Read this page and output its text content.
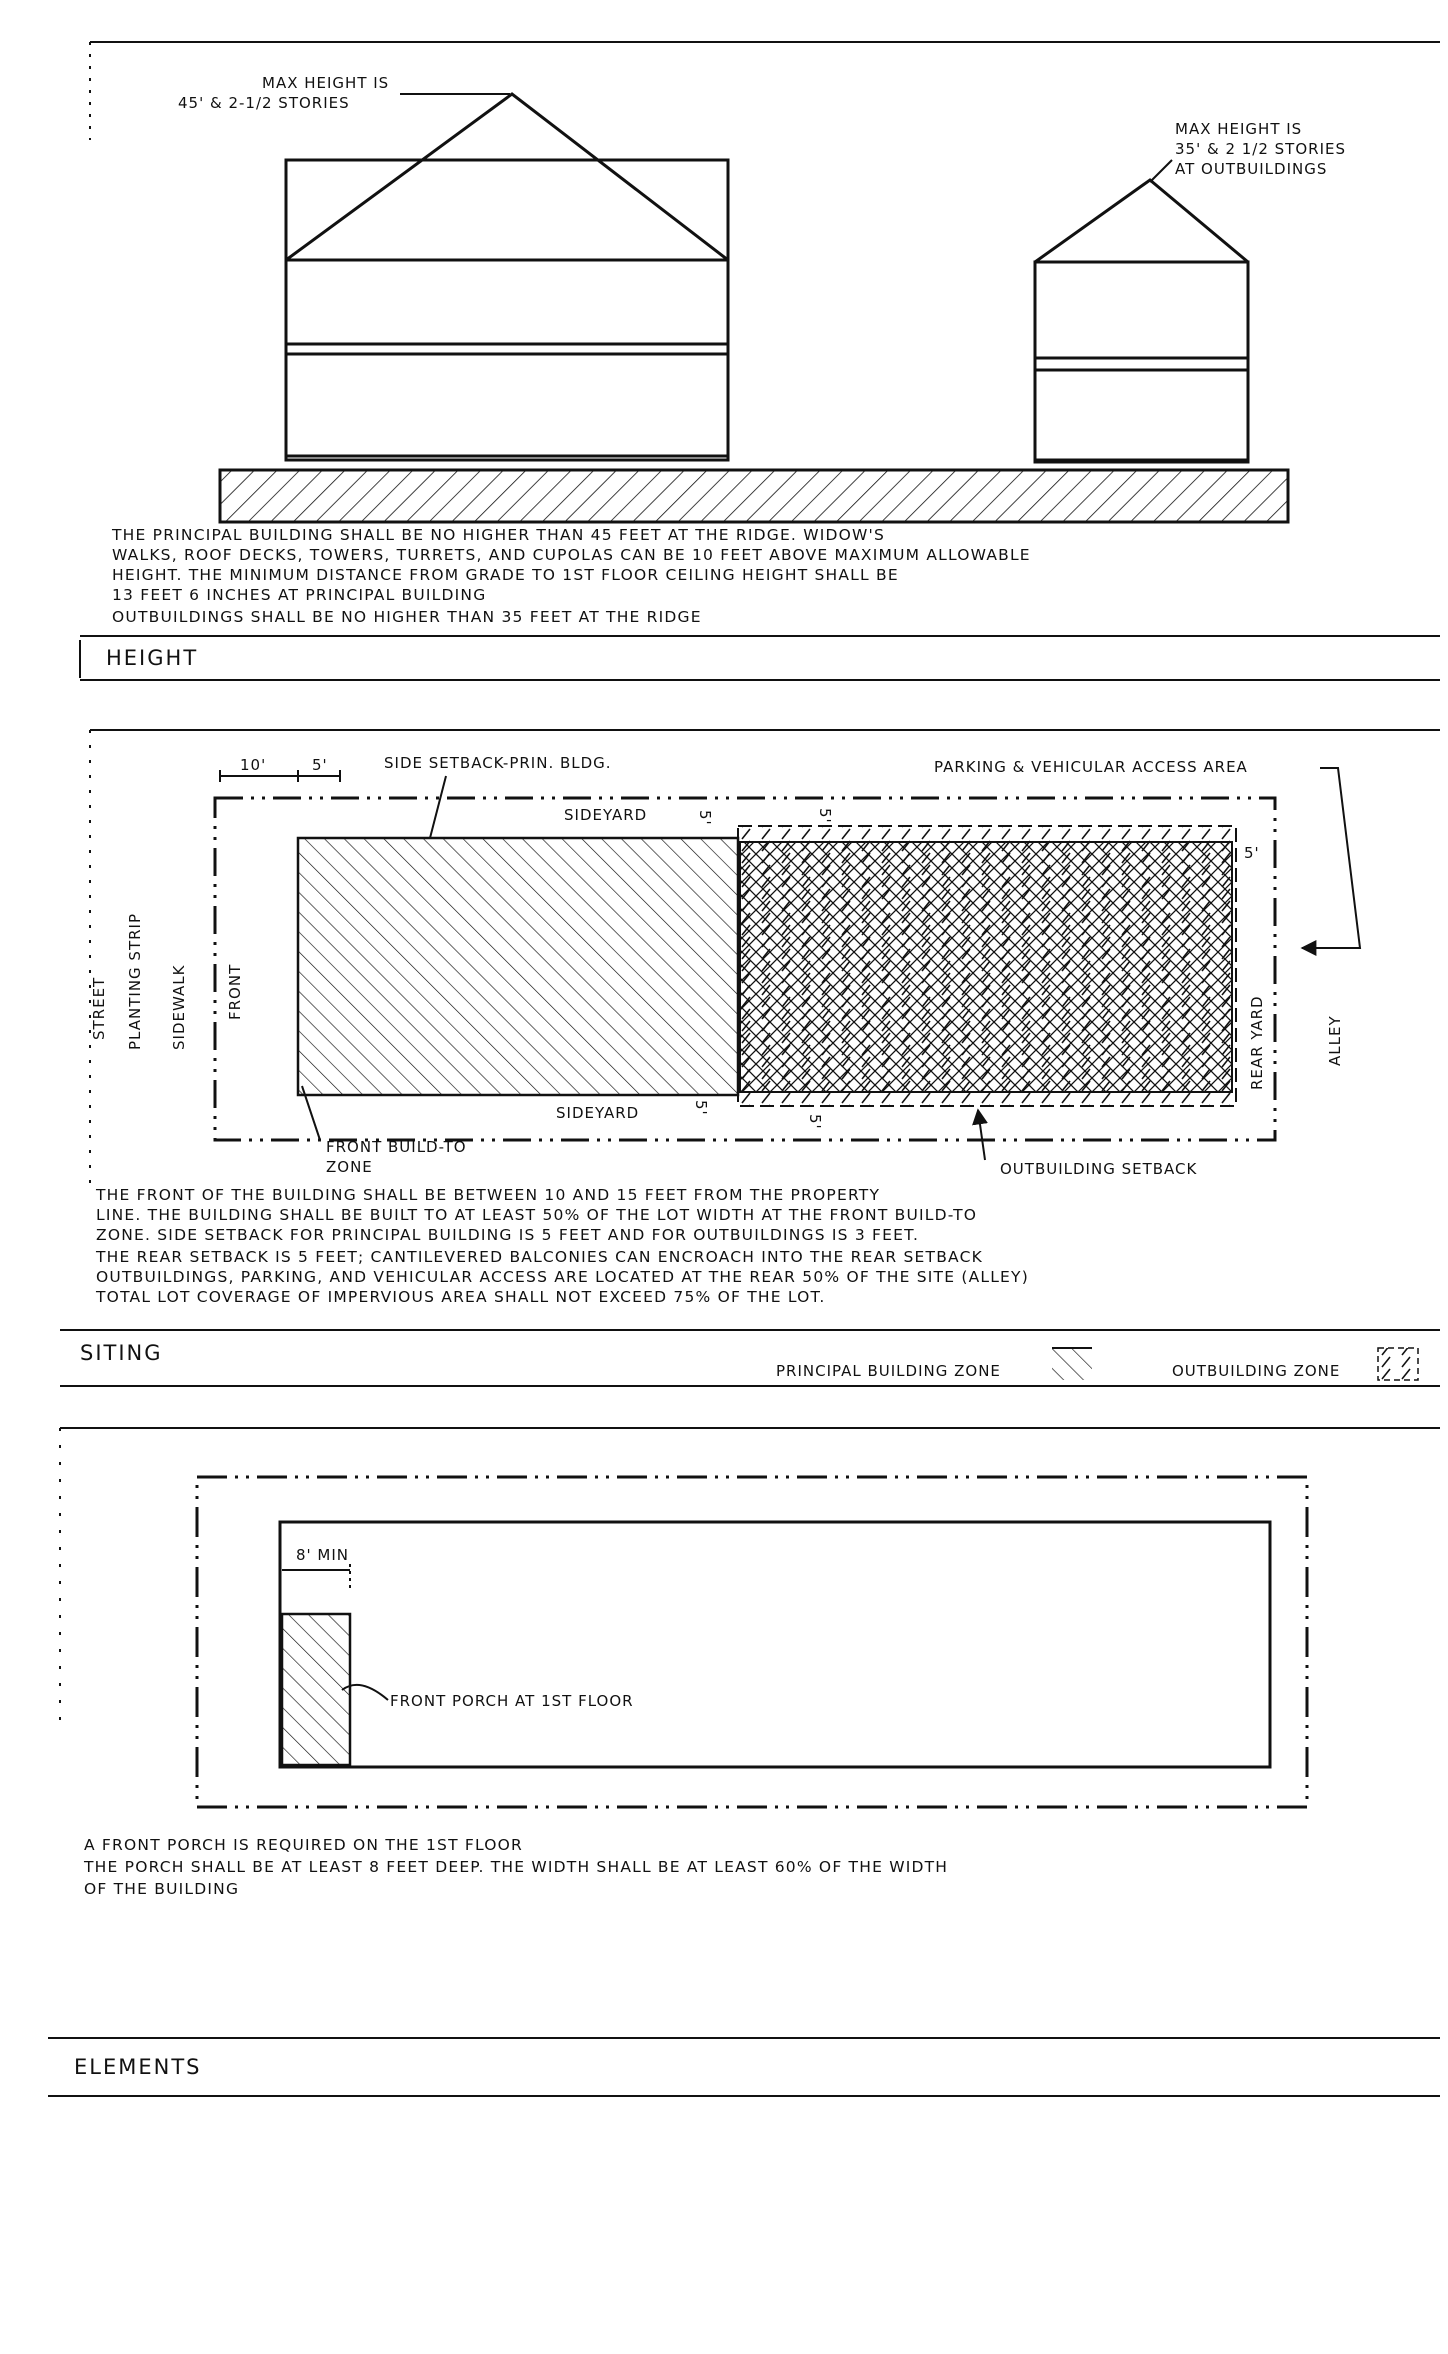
MAX HEIGHT IS
45' & 2-1/2 STORIES
MAX HEIGHT IS
35' & 2 1/2 STORIES
AT OUTBUILDINGS
THE PRINCIPAL BUILDING SHALL BE NO HIGHER THAN 45 FEET AT THE RIDGE. WIDOW'S
WALKS, ROOF DECKS, TOWERS, TURRETS, AND CUPOLAS CAN BE 10 FEET ABOVE MAXIMUM ALLOWABLE
HEIGHT. THE MINIMUM DISTANCE FROM GRADE TO 1ST FLOOR CEILING HEIGHT SHALL BE
13 FEET 6 INCHES AT PRINCIPAL BUILDING
OUTBUILDINGS SHALL BE NO HIGHER THAN 35 FEET AT THE RIDGE
HEIGHT
10'	5'	SIDE SETBACK-PRIN. BLDG.	PARKING & VEHICULAR ACCESS AREA
SIDEYARD
SIDEYARD
5'	5'
5'
5'
5'
STREET PLANTING STRIP SIDEWALK	FRONT
REAR YARD	ALLEY
FRONT BUILD-TO
ZONE	OUTBUILDING SETBACK
THE FRONT OF THE BUILDING SHALL BE BETWEEN 10 AND 15 FEET FROM THE PROPERTY
LINE. THE BUILDING SHALL BE BUILT TO AT LEAST 50% OF THE LOT WIDTH AT THE FRONT BUILD-TO
ZONE. SIDE SETBACK FOR PRINCIPAL BUILDING IS 5 FEET AND FOR OUTBUILDINGS IS 3 FEET.
THE REAR SETBACK IS 5 FEET; CANTILEVERED BALCONIES CAN ENCROACH INTO THE REAR SETBACK
OUTBUILDINGS, PARKING, AND VEHICULAR ACCESS ARE LOCATED AT THE REAR 50% OF THE SITE (ALLEY)
TOTAL LOT COVERAGE OF IMPERVIOUS AREA SHALL NOT EXCEED 75% OF THE LOT.
SITING
PRINCIPAL BUILDING ZONE	OUTBUILDING ZONE
8' MIN
FRONT PORCH AT 1ST FLOOR
A FRONT PORCH IS REQUIRED ON THE 1ST FLOOR
THE PORCH SHALL BE AT LEAST 8 FEET DEEP. THE WIDTH SHALL BE AT LEAST 60% OF THE WIDTH
OF THE BUILDING
ELEMENTS
